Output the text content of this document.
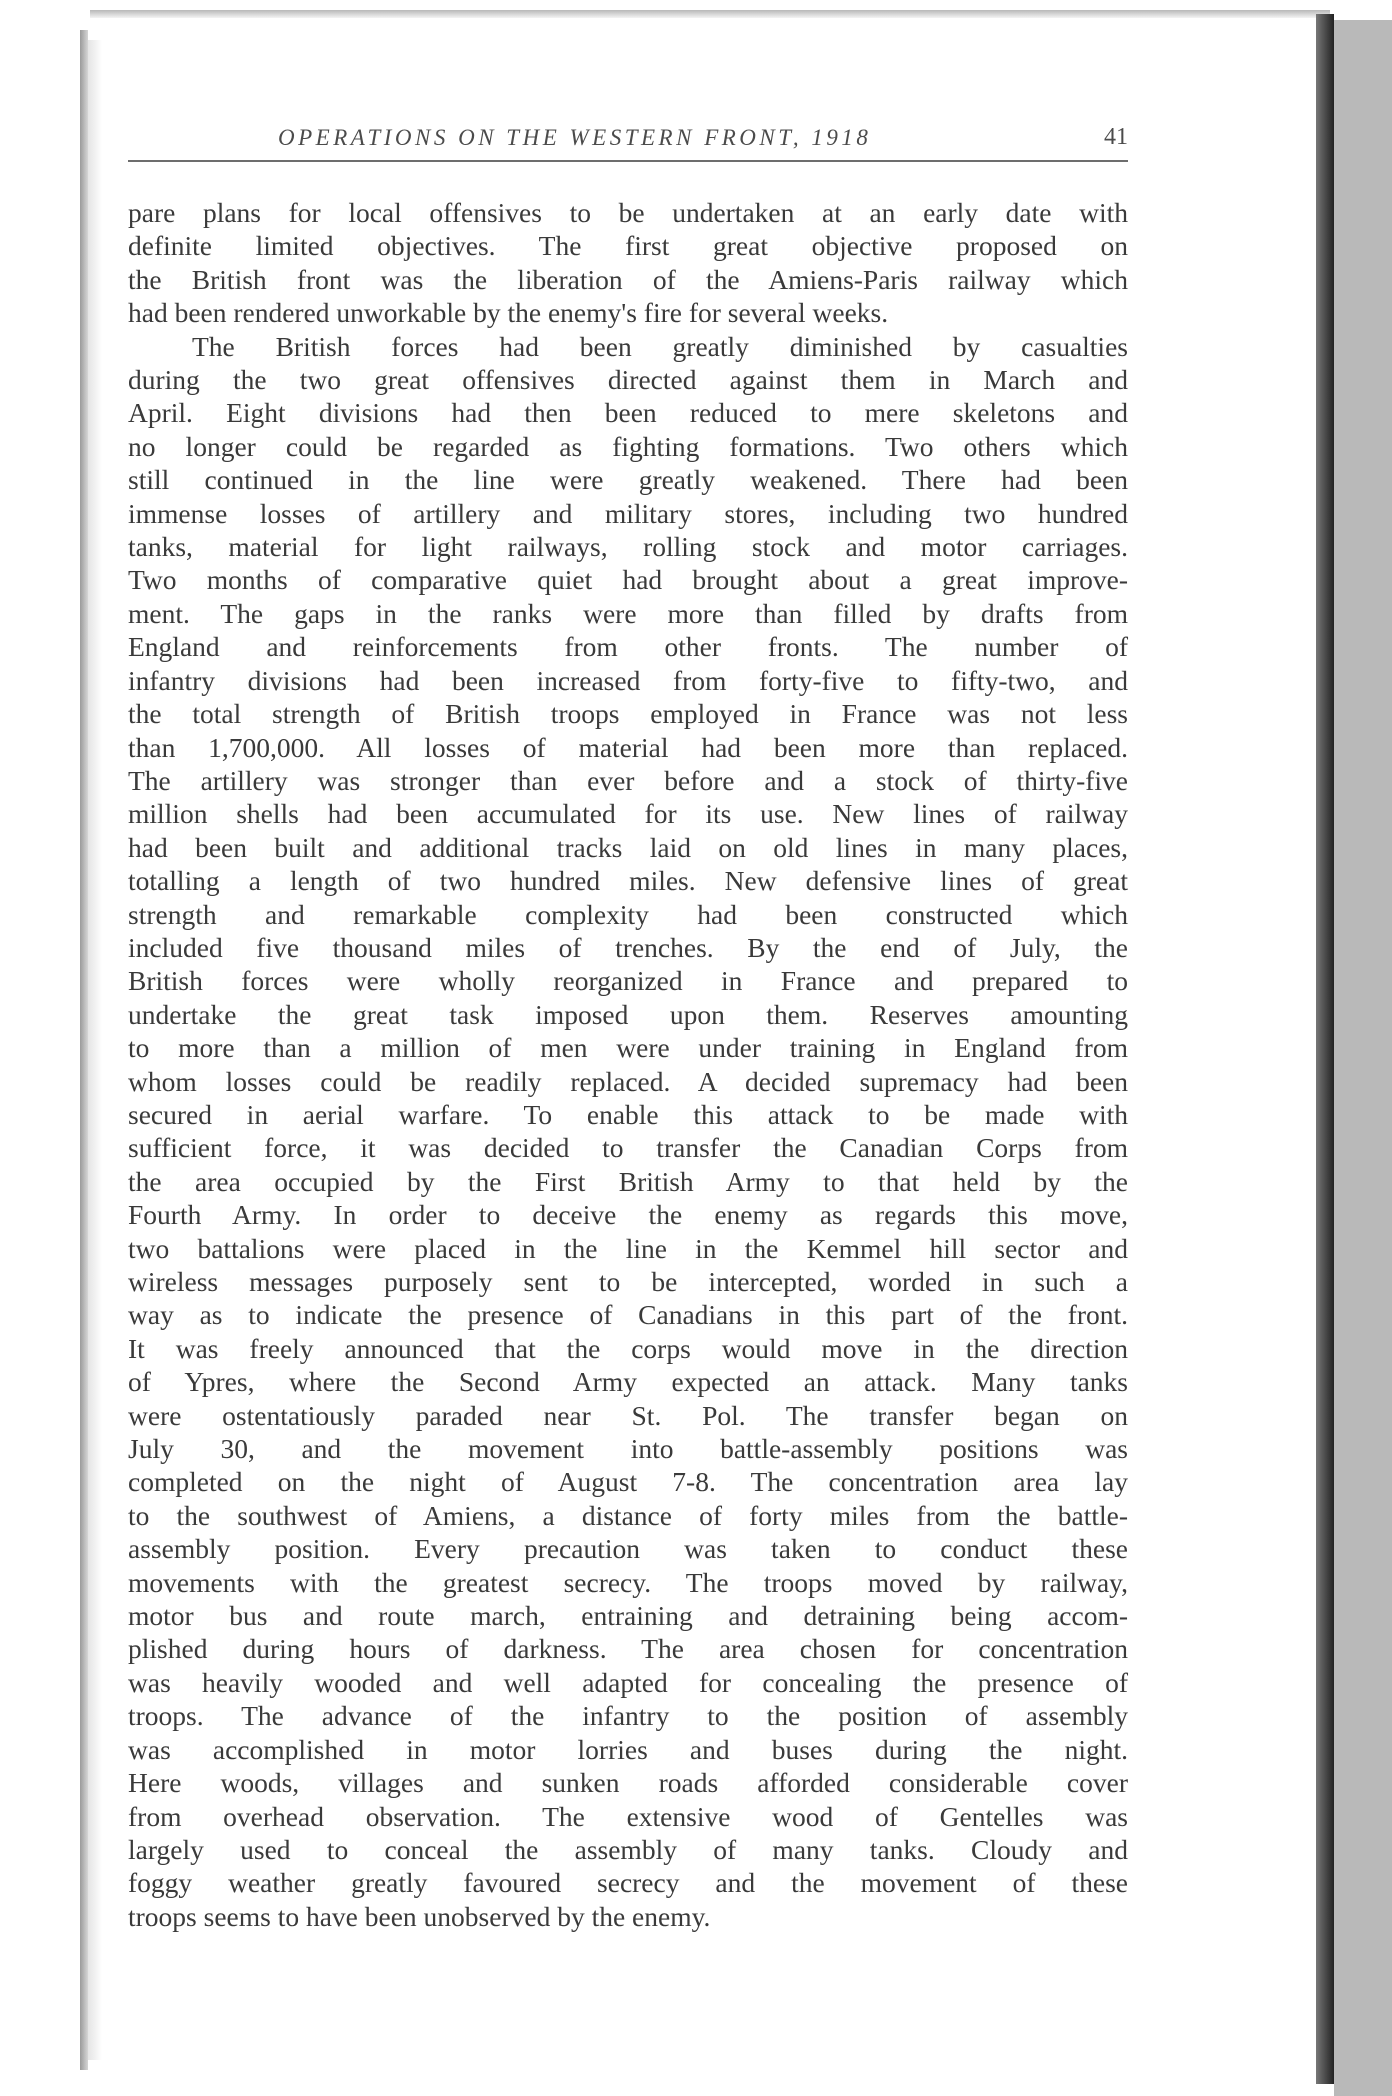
OPERATIONS ON THE WESTERN FRONT, 1918	41
pare plans for local offensives to be undertaken at an early date with
definite limited objectives. The first great objective proposed on
the British front was the liberation of the Amiens-Paris railway which
had been rendered unworkable by the enemy's fire for several weeks.
The British forces had been greatly diminished by casualties
during the two great offensives directed against them in March and
April. Eight divisions had then been reduced to mere skeletons and
no longer could be regarded as fighting formations. Two others which
still continued in the line were greatly weakened. There had been
immense losses of artillery and military stores, including two hundred
tanks, material for light railways, rolling stock and motor carriages.
Two months of comparative quiet had brought about a great improve-
ment. The gaps in the ranks were more than filled by drafts from
England and reinforcements from other fronts. The number of
infantry divisions had been increased from forty-five to fifty-two, and
the total strength of British troops employed in France was not less
than 1,700,000. All losses of material had been more than replaced.
The artillery was stronger than ever before and a stock of thirty-five
million shells had been accumulated for its use. New lines of railway
had been built and additional tracks laid on old lines in many places,
totalling a length of two hundred miles. New defensive lines of great
strength and remarkable complexity had been constructed which
included five thousand miles of trenches. By the end of July, the
British forces were wholly reorganized in France and prepared to
undertake the great task imposed upon them. Reserves amounting
to more than a million of men were under training in England from
whom losses could be readily replaced. A decided supremacy had been
secured in aerial warfare. To enable this attack to be made with
sufficient force, it was decided to transfer the Canadian Corps from
the area occupied by the First British Army to that held by the
Fourth Army. In order to deceive the enemy as regards this move,
two battalions were placed in the line in the Kemmel hill sector and
wireless messages purposely sent to be intercepted, worded in such a
way as to indicate the presence of Canadians in this part of the front.
It was freely announced that the corps would move in the direction
of Ypres, where the Second Army expected an attack. Many tanks
were ostentatiously paraded near St. Pol. The transfer began on
July 30, and the movement into battle-assembly positions was
completed on the night of August 7-8. The concentration area lay
to the southwest of Amiens, a distance of forty miles from the battle-
assembly position. Every precaution was taken to conduct these
movements with the greatest secrecy. The troops moved by railway,
motor bus and route march, entraining and detraining being accom-
plished during hours of darkness. The area chosen for concentration
was heavily wooded and well adapted for concealing the presence of
troops. The advance of the infantry to the position of assembly
was accomplished in motor lorries and buses during the night.
Here woods, villages and sunken roads afforded considerable cover
from overhead observation. The extensive wood of Gentelles was
largely used to conceal the assembly of many tanks. Cloudy and
foggy weather greatly favoured secrecy and the movement of these
troops seems to have been unobserved by the enemy.
